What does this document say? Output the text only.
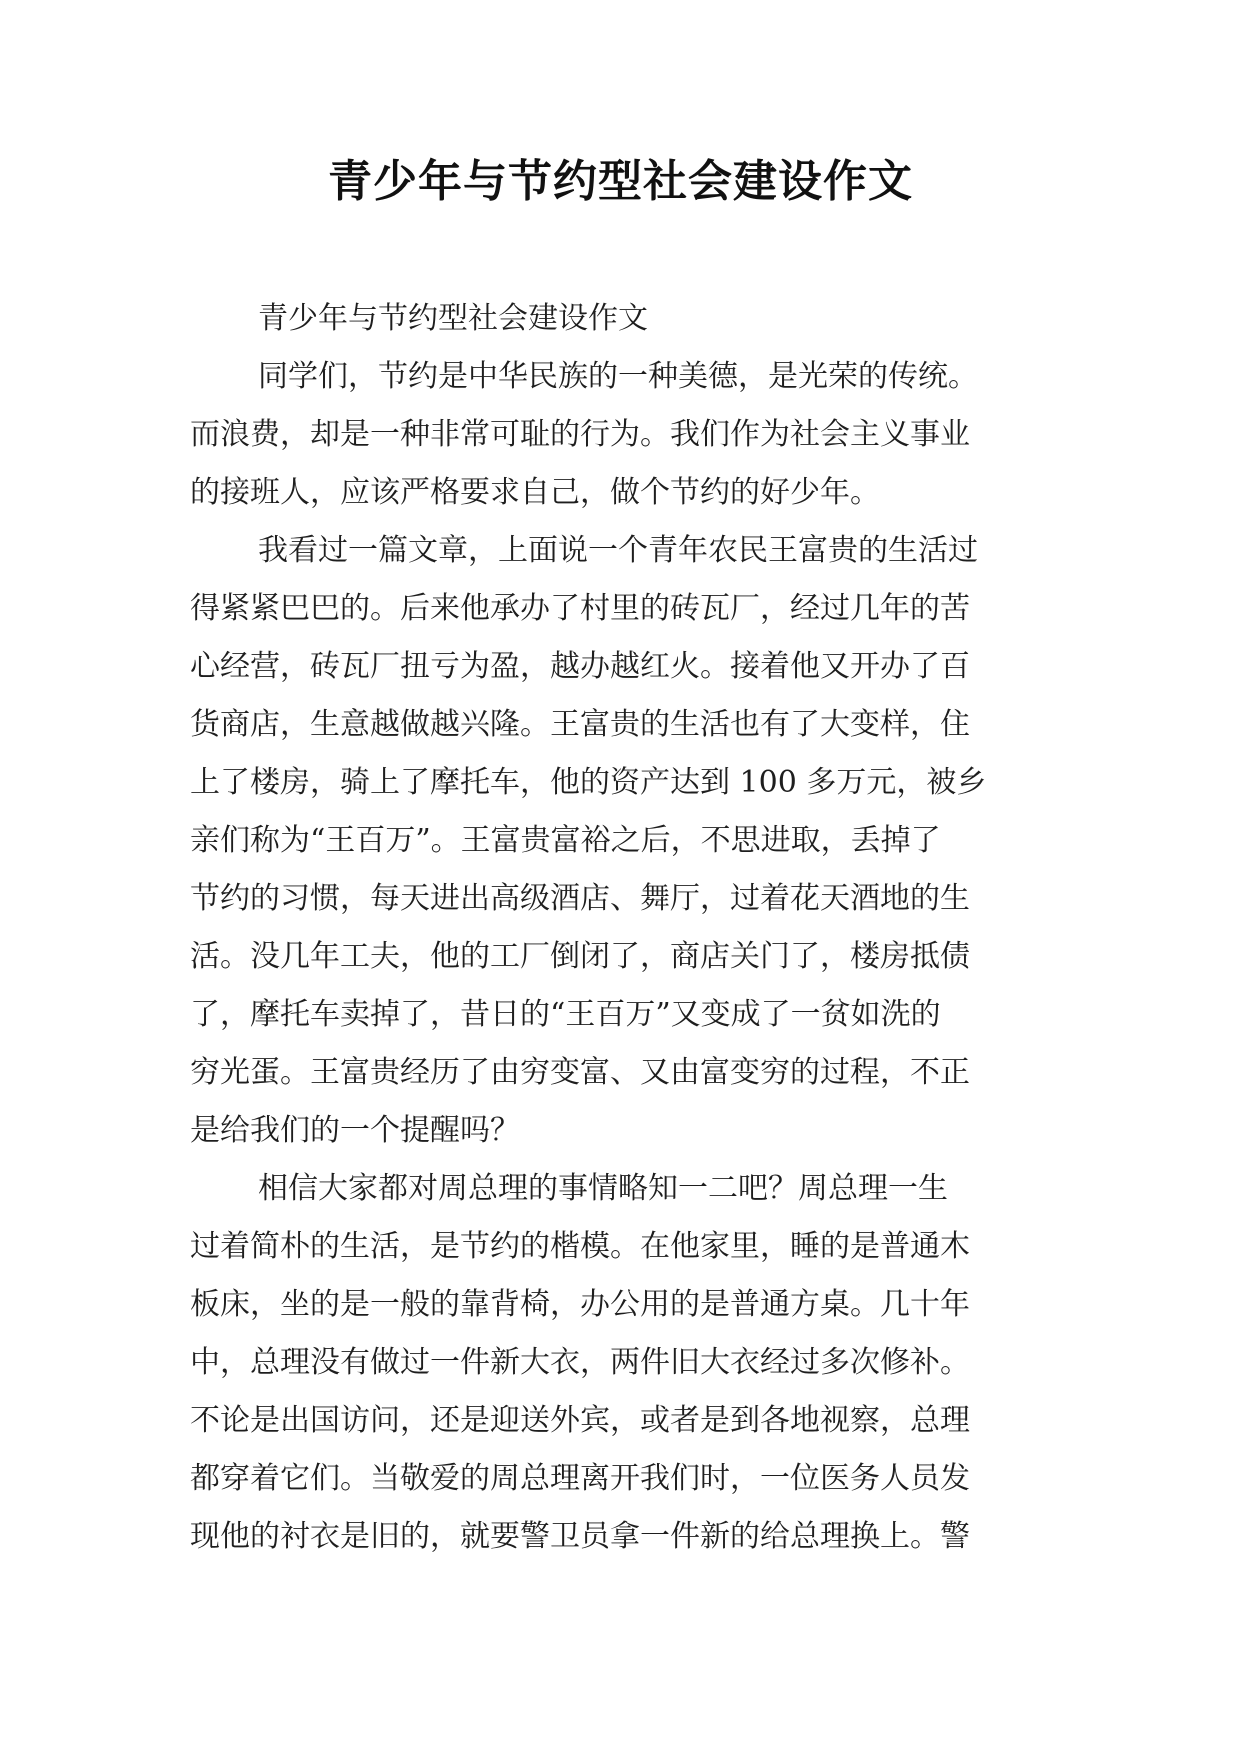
青少年与节约型社会建设作文
青少年与节约型社会建设作文
同学们，节约是中华民族的一种美德，是光荣的传统。
而浪费，却是一种非常可耻的行为。我们作为社会主义事业
的接班人，应该严格要求自己，做个节约的好少年。
我看过一篇文章，上面说一个青年农民王富贵的生活过
得紧紧巴巴的。后来他承办了村里的砖瓦厂，经过几年的苦
心经营，砖瓦厂扭亏为盈，越办越红火。接着他又开办了百
货商店，生意越做越兴隆。王富贵的生活也有了大变样，住
上了楼房，骑上了摩托车，他的资产达到 100 多万元，被乡
亲们称为“王百万”。王富贵富裕之后，不思进取，丢掉了
节约的习惯，每天进出高级酒店、舞厅，过着花天酒地的生
活。没几年工夫，他的工厂倒闭了，商店关门了，楼房抵债
了，摩托车卖掉了，昔日的“王百万”又变成了一贫如洗的
穷光蛋。王富贵经历了由穷变富、又由富变穷的过程，不正
是给我们的一个提醒吗？
相信大家都对周总理的事情略知一二吧？周总理一生
过着简朴的生活，是节约的楷模。在他家里，睡的是普通木
板床，坐的是一般的靠背椅，办公用的是普通方桌。几十年
中，总理没有做过一件新大衣，两件旧大衣经过多次修补。
不论是出国访问，还是迎送外宾，或者是到各地视察，总理
都穿着它们。当敬爱的周总理离开我们时，一位医务人员发
现他的衬衣是旧的，就要警卫员拿一件新的给总理换上。警
